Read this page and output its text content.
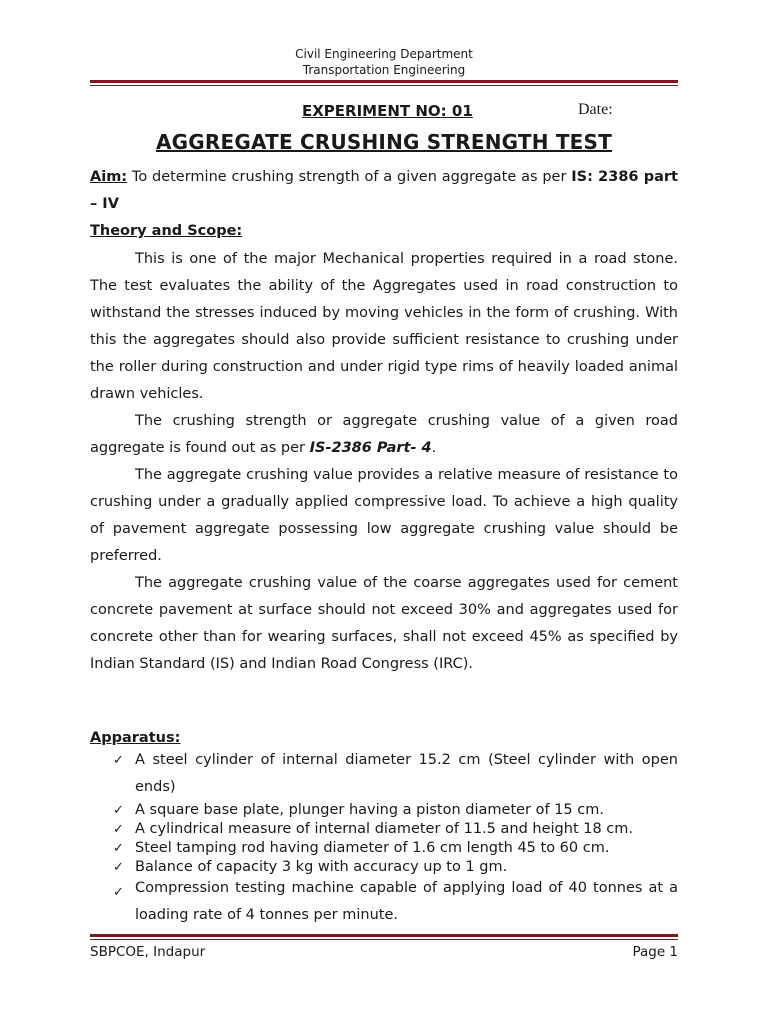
Civil Engineering Department
Transportation Engineering
EXPERIMENT NO: 01	Date:
AGGREGATE CRUSHING STRENGTH TEST
Aim: To determine crushing strength of a given aggregate as per IS: 2386 part – IV
Theory and Scope:

This is one of the major Mechanical properties required in a road stone. The test evaluates the ability of the Aggregates used in road construction to withstand the stresses induced by moving vehicles in the form of crushing. With this the aggregates should also provide sufficient resistance to crushing under the roller during construction and under rigid type rims of heavily loaded animal drawn vehicles.

The crushing strength or aggregate crushing value of a given road aggregate is found out as per IS-2386 Part- 4.

The aggregate crushing value provides a relative measure of resistance to crushing under a gradually applied compressive load. To achieve a high quality of pavement aggregate possessing low aggregate crushing value should be preferred.

The aggregate crushing value of the coarse aggregates used for cement concrete pavement at surface should not exceed 30% and aggregates used for concrete other than for wearing surfaces, shall not exceed 45% as specified by Indian Standard (IS) and Indian Road Congress (IRC).

Apparatus:
✓ A steel cylinder of internal diameter 15.2 cm (Steel cylinder with open ends)
✓ A square base plate, plunger having a piston diameter of 15 cm.
✓ A cylindrical measure of internal diameter of 11.5 and height 18 cm.
✓ Steel tamping rod having diameter of 1.6 cm length 45 to 60 cm.
✓ Balance of capacity 3 kg with accuracy up to 1 gm.
✓ Compression testing machine capable of applying load of 40 tonnes at a loading rate of 4 tonnes per minute.
SBPCOE, Indapur	Page 1
